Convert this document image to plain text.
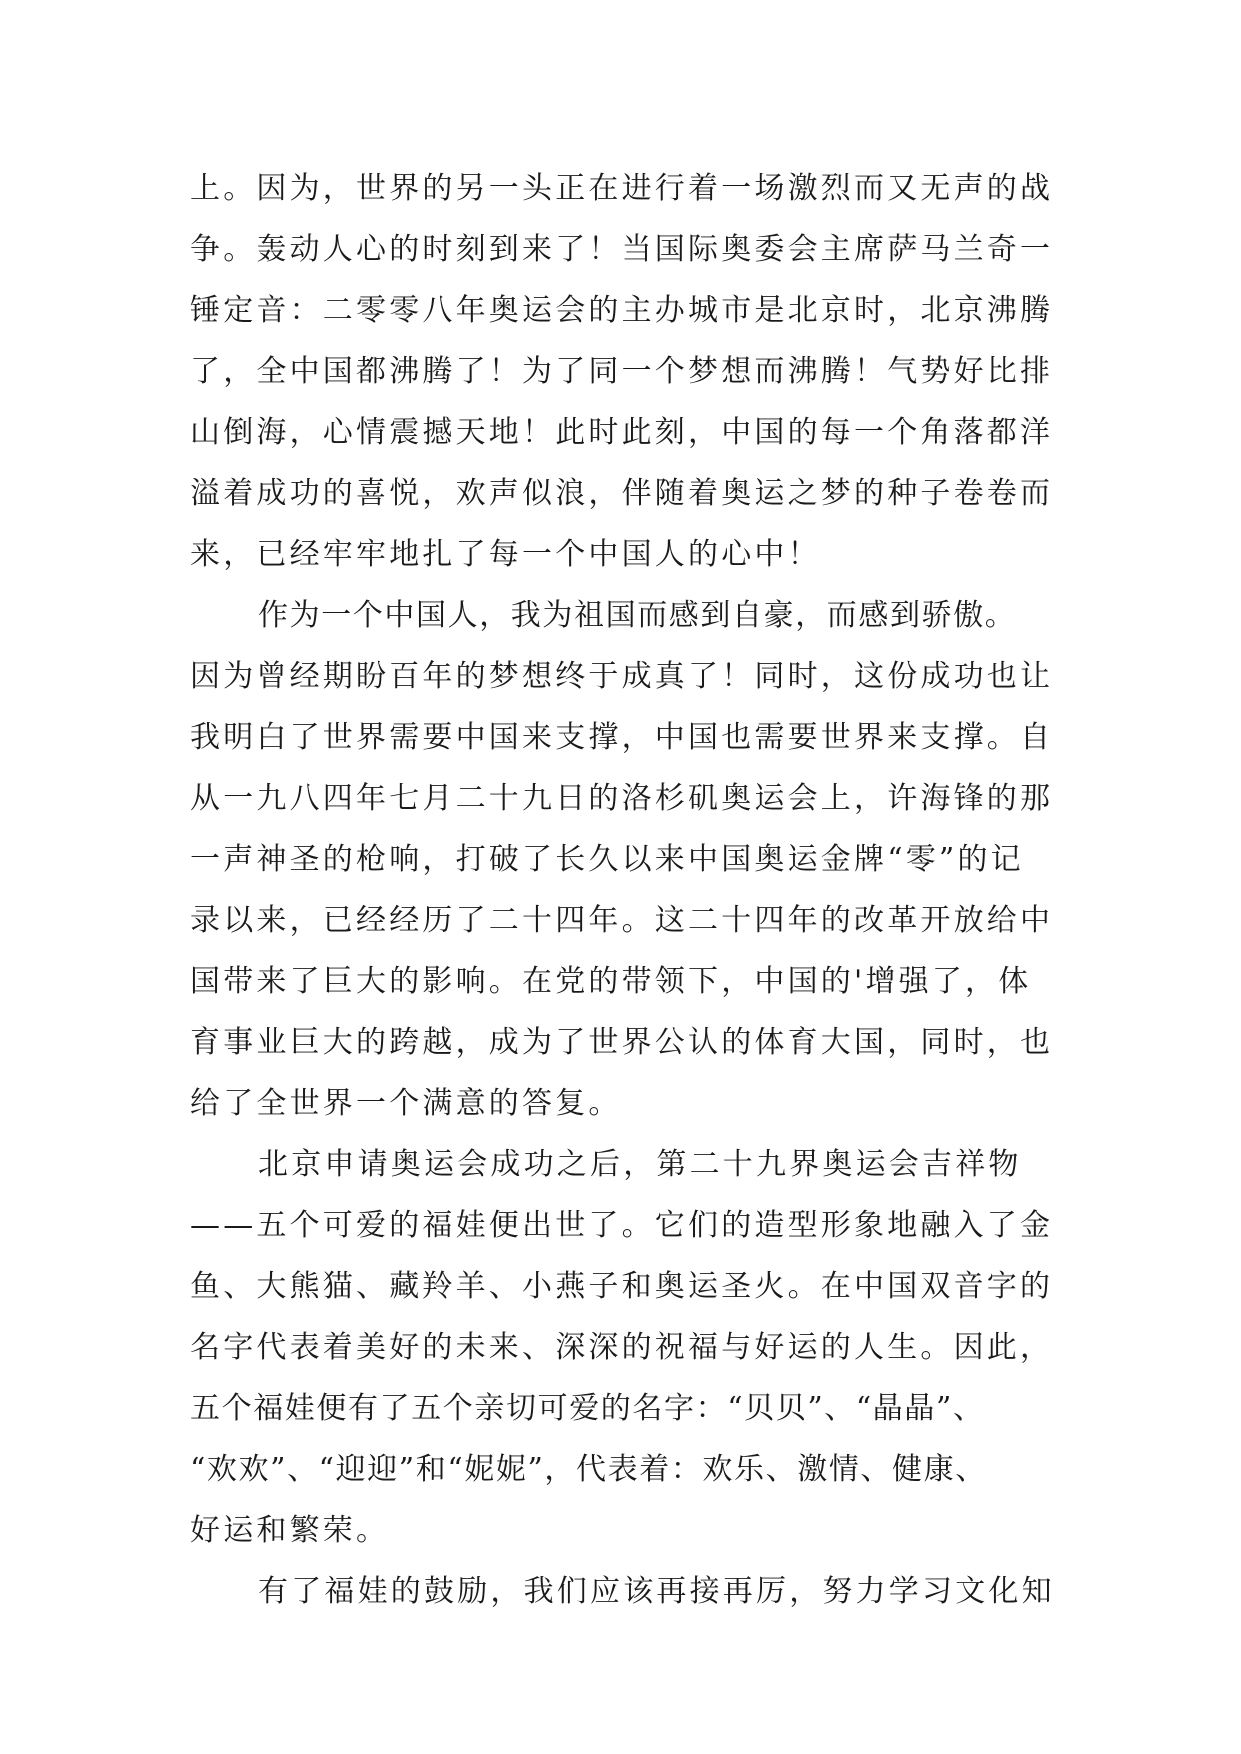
上。因为，世界的另一头正在进行着一场激烈而又无声的战
争。轰动人心的时刻到来了！当国际奥委会主席萨马兰奇一
锤定音：二零零八年奥运会的主办城市是北京时，北京沸腾
了，全中国都沸腾了！为了同一个梦想而沸腾！气势好比排
山倒海，心情震撼天地！此时此刻，中国的每一个角落都洋
溢着成功的喜悦，欢声似浪，伴随着奥运之梦的种子卷卷而
来，已经牢牢地扎了每一个中国人的心中！
作为一个中国人，我为祖国而感到自豪，而感到骄傲。
因为曾经期盼百年的梦想终于成真了！同时，这份成功也让
我明白了世界需要中国来支撑，中国也需要世界来支撑。自
从一九八四年七月二十九日的洛杉矶奥运会上，许海锋的那
一声神圣的枪响，打破了长久以来中国奥运金牌“零”的记
录以来，已经经历了二十四年。这二十四年的改革开放给中
国带来了巨大的影响。在党的带领下，中国的'增强了，体
育事业巨大的跨越，成为了世界公认的体育大国，同时，也
给了全世界一个满意的答复。
北京申请奥运会成功之后，第二十九界奥运会吉祥物
——五个可爱的福娃便出世了。它们的造型形象地融入了金
鱼、大熊猫、藏羚羊、小燕子和奥运圣火。在中国双音字的
名字代表着美好的未来、深深的祝福与好运的人生。因此，
五个福娃便有了五个亲切可爱的名字：“贝贝”、“晶晶”、
“欢欢”、“迎迎”和“妮妮”，代表着：欢乐、激情、健康、
好运和繁荣。
有了福娃的鼓励，我们应该再接再厉，努力学习文化知
